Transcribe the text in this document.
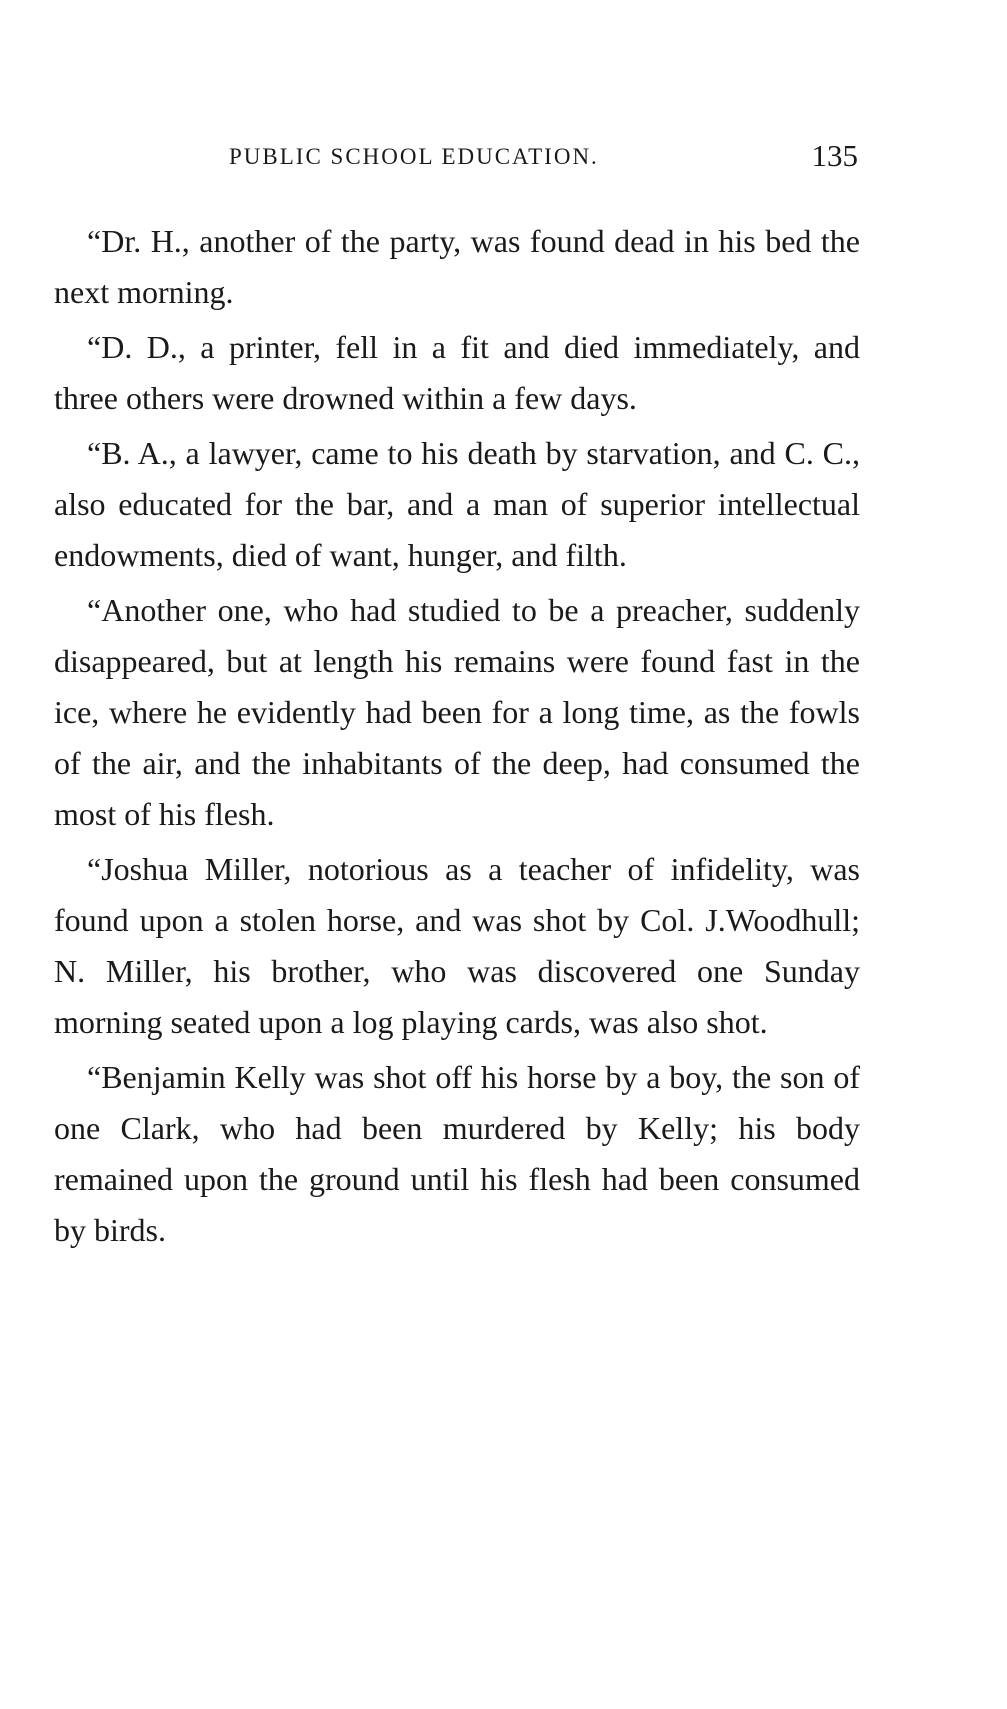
PUBLIC SCHOOL EDUCATION.	135

“Dr. H., another of the party, was found dead in his bed the next morning.

“D. D., a printer, fell in a fit and died immediately, and three others were drowned within a few days.

“B. A., a lawyer, came to his death by starvation, and C. C., also educated for the bar, and a man of superior intellectual endowments, died of want, hunger, and filth.

“Another one, who had studied to be a preacher, suddenly disappeared, but at length his remains were found fast in the ice, where he evidently had been for a long time, as the fowls of the air, and the inhabitants of the deep, had consumed the most of his flesh.

“Joshua Miller, notorious as a teacher of infidelity, was found upon a stolen horse, and was shot by Col. J.Woodhull; N. Miller, his brother, who was discovered one Sunday morning seated upon a log playing cards, was also shot.

“Benjamin Kelly was shot off his horse by a boy, the son of one Clark, who had been murdered by Kelly; his body remained upon the ground until his flesh had been consumed by birds.
